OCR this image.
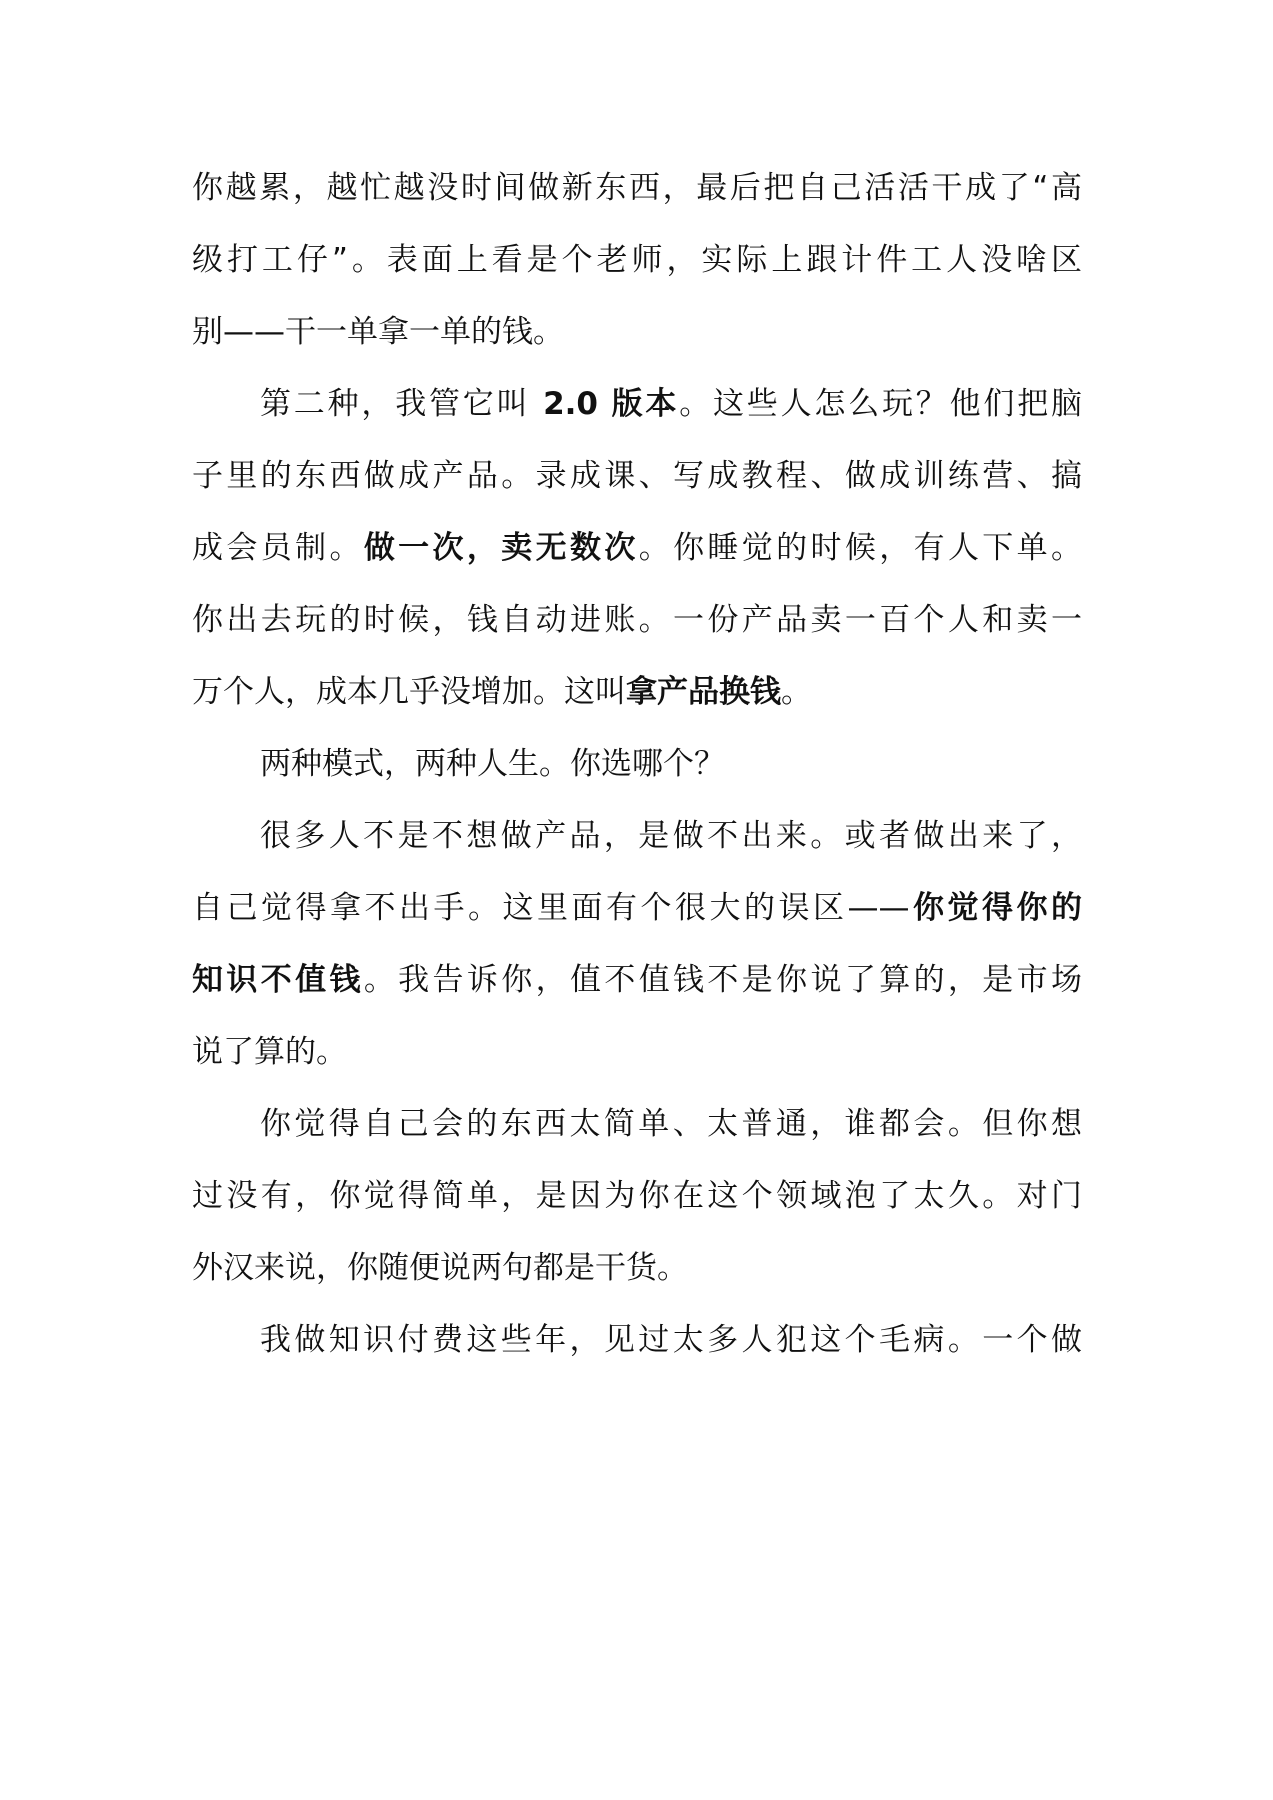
你越累，越忙越没时间做新东西，最后把自己活活干成了“高
级打工仔”。表面上看是个老师，实际上跟计件工人没啥区
别——干一单拿一单的钱。
第二种，我管它叫 2.0 版本。这些人怎么玩？他们把脑
子里的东西做成产品。录成课、写成教程、做成训练营、搞
成会员制。做一次，卖无数次。你睡觉的时候，有人下单。
你出去玩的时候，钱自动进账。一份产品卖一百个人和卖一
万个人，成本几乎没增加。这叫拿产品换钱。
两种模式，两种人生。你选哪个？
很多人不是不想做产品，是做不出来。或者做出来了，
自己觉得拿不出手。这里面有个很大的误区——你觉得你的
知识不值钱。我告诉你，值不值钱不是你说了算的，是市场
说了算的。
你觉得自己会的东西太简单、太普通，谁都会。但你想
过没有，你觉得简单，是因为你在这个领域泡了太久。对门
外汉来说，你随便说两句都是干货。
我做知识付费这些年，见过太多人犯这个毛病。一个做
